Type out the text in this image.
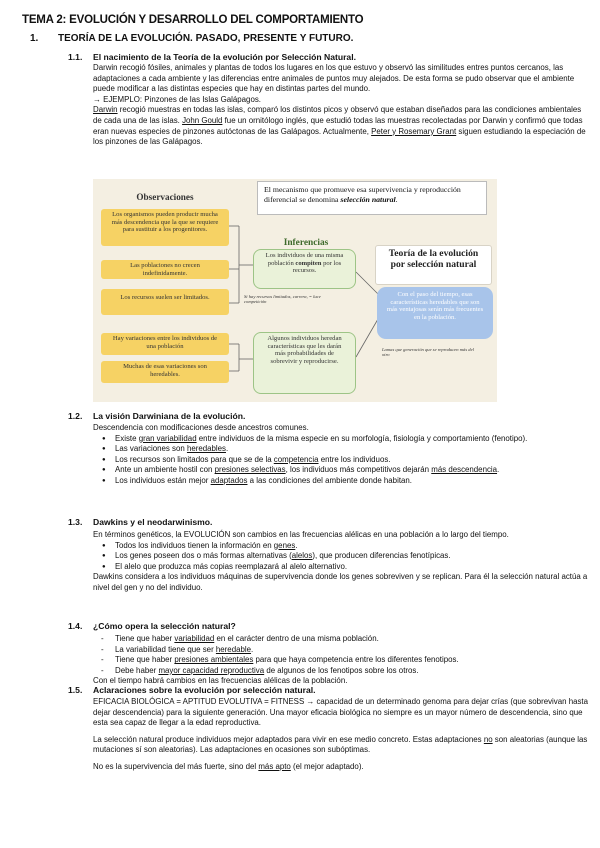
TEMA 2: EVOLUCIÓN Y DESARROLLO DEL COMPORTAMIENTO
1. TEORÍA DE LA EVOLUCIÓN. PASADO, PRESENTE Y FUTURO.
1.1. El nacimiento de la Teoría de la evolución por Selección Natural.

Darwin recogió fósiles, animales y plantas de todos los lugares en los que estuvo y observó las similitudes entres puntos cercanos, las adaptaciones a cada ambiente y las diferencias entre animales de puntos muy alejados. De esta forma se pudo observar que el ambiente puede modificar a las distintas especies que hay en distintas partes del mundo.

→ EJEMPLO: Pinzones de las Islas Galápagos.

Darwin recogió muestras en todas las islas, comparó los distintos picos y observó que estaban diseñados para las condiciones ambientales de cada una de las islas. John Gould fue un ornitólogo inglés, que estudió todas las muestras recolectadas por Darwin y confirmó que todas eran nuevas especies de pinzones autóctonas de las Galápagos. Actualmente, Peter y Rosemary Grant siguen estudiando la especiación de los pinzones de las Galápagos.

Observaciones
El mecanismo que promueve esa supervivencia y reproducción diferencial se denomina selección natural.
Los organismos pueden producir mucha más descendencia que la que se requiere para sustituir a los progenitores.
Las poblaciones no crecen indefinidamente.
Los recursos suelen ser limitados.
Hay variaciones entre los individuos de una población
Muchas de esas variaciones son heredables.
Inferencias
Los individuos de una misma población compiten por los recursos.
Algunos individuos heredan características que les darán más probabilidades de sobrevivir y reproducirse.
Si hay recursos limitados, carrera, = luce competición
Lamas que generación que se reproducen más del otro
Teoría de la evolución por selección natural
Con el paso del tiempo, esas características heredables que son más ventajosas serán más frecuentes en la población.
1.2. La visión Darwiniana de la evolución.

Descendencia con modificaciones desde ancestros comunes.

● Existe gran variabilidad entre individuos de la misma especie en su morfología, fisiología y comportamiento (fenotipo).
● Las variaciones son heredables.
● Los recursos son limitados para que se de la competencia entre los individuos.
● Ante un ambiente hostil con presiones selectivas, los individuos más competitivos dejarán más descendencia.
● Los individuos están mejor adaptados a las condiciones del ambiente donde habitan.
1.3. Dawkins y el neodarwinismo.

En términos genéticos, la EVOLUCIÓN son cambios en las frecuencias alélicas en una población a lo largo del tiempo.

● Todos los individuos tienen la información en genes.
● Los genes poseen dos o más formas alternativas (alelos), que producen diferencias fenotípicas.
● El alelo que produzca más copias reemplazará al alelo alternativo.

Dawkins considera a los individuos máquinas de supervivencia donde los genes sobreviven y se replican. Para él la selección natural actúa a nivel del gen y no del individuo.

1.4. ¿Cómo opera la selección natural?
- Tiene que haber variabilidad en el carácter dentro de una misma población.
- La variabilidad tiene que ser heredable.
- Tiene que haber presiones ambientales para que haya competencia entre los diferentes fenotipos.
- Debe haber mayor capacidad reproductiva de algunos de los fenotipos sobre los otros.

Con el tiempo habrá cambios en las frecuencias alélicas de la población.

1.5. Aclaraciones sobre la evolución por selección natural.

EFICACIA BIOLÓGICA = APTITUD EVOLUTIVA = FITNESS → capacidad de un determinado genoma para dejar crías (que sobrevivan hasta dejar descendencia) para la siguiente generación. Una mayor eficacia biológica no siempre es un mayor número de descendencia, sino que esta sea capaz de llegar a la edad reproductiva.

La selección natural produce individuos mejor adaptados para vivir en ese medio concreto. Estas adaptaciones no son aleatorias (aunque las mutaciones sí son aleatorias). Las adaptaciones en ocasiones son subóptimas.

No es la supervivencia del más fuerte, sino del más apto (el mejor adaptado).
